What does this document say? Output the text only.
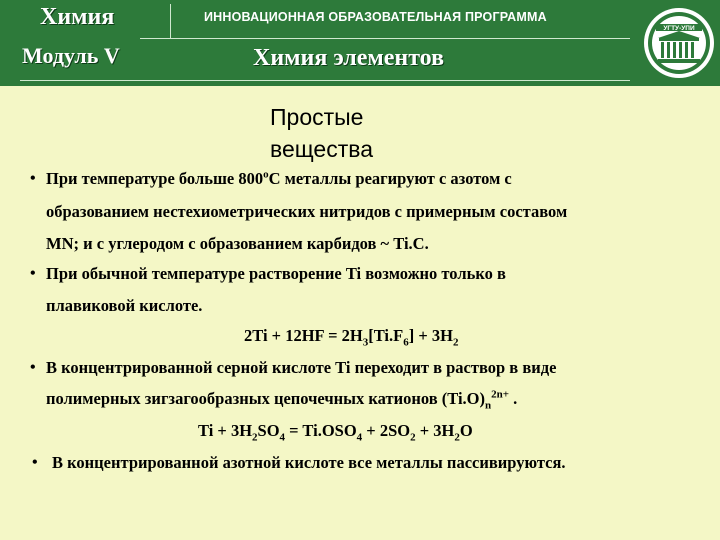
Химия	ИННОВАЦИОННАЯ ОБРАЗОВАТЕЛЬНАЯ ПРОГРАММА
Модуль V	Химия элементов
УГТУ-УПИ
Простые
вещества
• При температуре больше $800^оС$ металлы реагируют с азотом с
образованием нестехиометрических нитридов с примерным составом
MN; и с углеродом с образованием карбидов ~ Ti.C.
• При обычной температуре растворение Ti возможно только в
плавиковой кислоте.
$2Ti + 12HF = 2H_3[Ti.F_6] + 3H_2$
• В концентрированной серной кислоте Ti переходит в раствор в виде
полимерных зигзагообразных цепочечных катионов $(Ti.O)_n^{2n+}$ .
$Ti + 3H_2SO_4 = Ti.OSO_4 + 2SO_2 + 3H_2O$
• В концентрированной азотной кислоте все металлы пассивируются.
